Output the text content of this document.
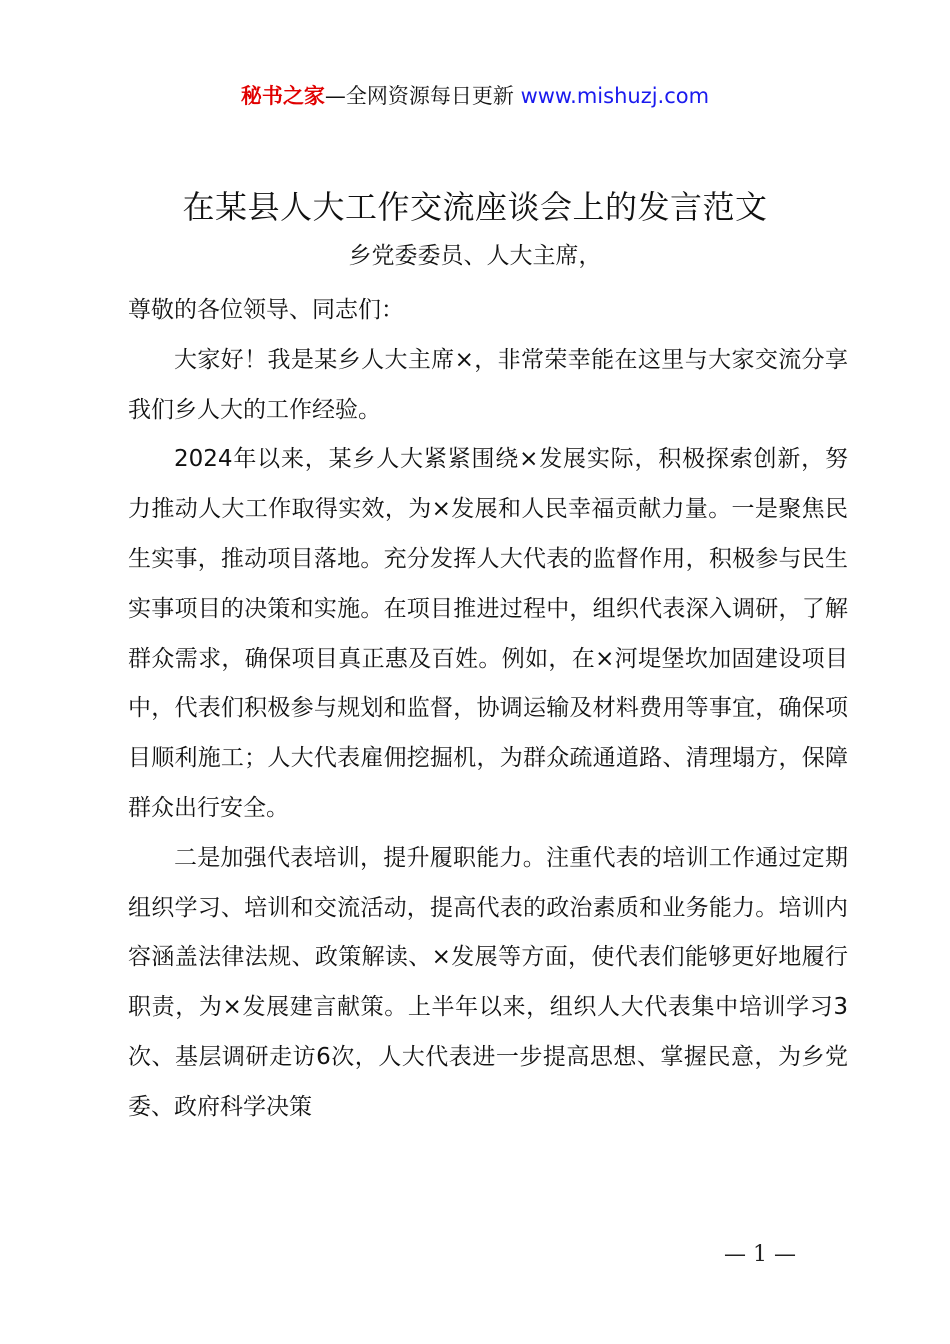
秘书之家—全网资源每日更新 www.mishuzj.com
在某县人大工作交流座谈会上的发言范文
乡党委委员、人大主席，

尊敬的各位领导、同志们：

大家好！我是某乡人大主席×，非常荣幸能在这里与大家交流分享我们乡人大的工作经验。

2024年以来，某乡人大紧紧围绕×发展实际，积极探索创新，努力推动人大工作取得实效，为×发展和人民幸福贡献力量。一是聚焦民生实事，推动项目落地。充分发挥人大代表的监督作用，积极参与民生实事项目的决策和实施。在项目推进过程中，组织代表深入调研，了解群众需求，确保项目真正惠及百姓。例如，在×河堤堡坎加固建设项目中，代表们积极参与规划和监督，协调运输及材料费用等事宜，确保项目顺利施工；人大代表雇佣挖掘机，为群众疏通道路、清理塌方，保障群众出行安全。

二是加强代表培训，提升履职能力。注重代表的培训工作通过定期组织学习、培训和交流活动，提高代表的政治素质和业务能力。培训内容涵盖法律法规、政策解读、×发展等方面，使代表们能够更好地履行职责，为×发展建言献策。上半年以来，组织人大代表集中培训学习3次、基层调研走访6次，人大代表进一步提高思想、掌握民意，为乡党委、政府科学决策

— 1 —
